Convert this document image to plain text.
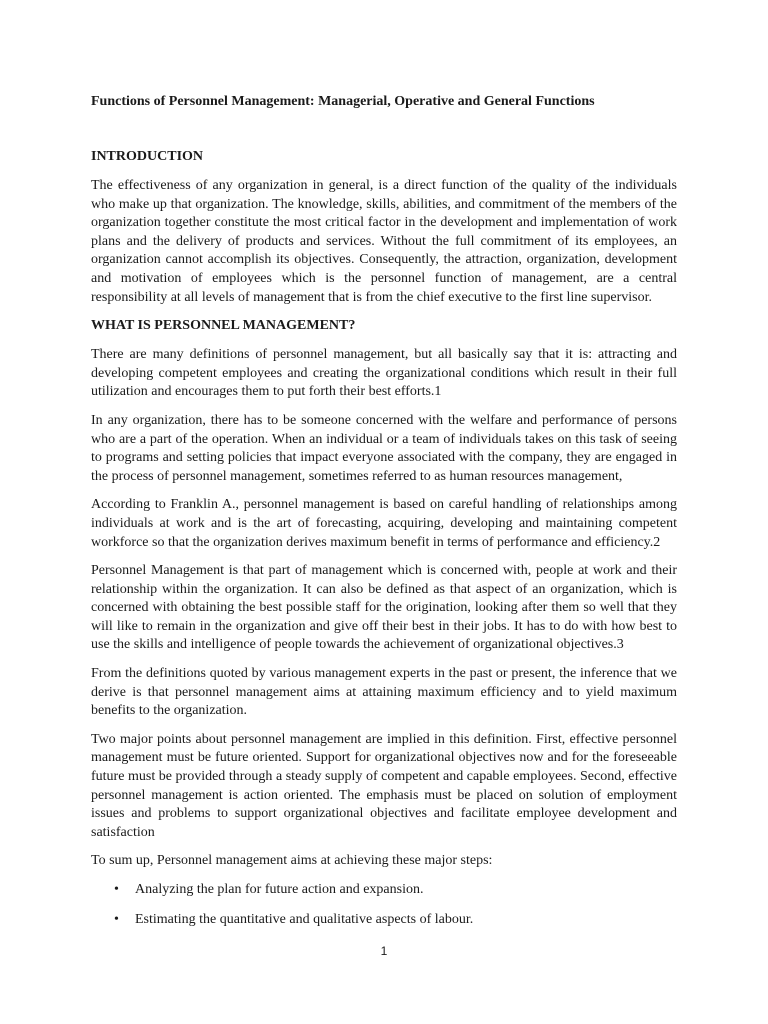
Functions of Personnel Management: Managerial, Operative and General Functions
INTRODUCTION

The effectiveness of any organization in general, is a direct function of the quality of the individuals who make up that organization. The knowledge, skills, abilities, and commitment of the members of the organization together constitute the most critical factor in the development and implementation of work plans and the delivery of products and services. Without the full commitment of its employees, an organization cannot accomplish its objectives. Consequently, the attraction, organization, development and motivation of employees which is the personnel function of management, are a central responsibility at all levels of management that is from the chief executive to the first line supervisor.

WHAT IS PERSONNEL MANAGEMENT?

There are many definitions of personnel management, but all basically say that it is: attracting and developing competent employees and creating the organizational conditions which result in their full utilization and encourages them to put forth their best efforts.1

In any organization, there has to be someone concerned with the welfare and performance of persons who are a part of the operation. When an individual or a team of individuals takes on this task of seeing to programs and setting policies that impact everyone associated with the company, they are engaged in the process of personnel management, sometimes referred to as human resources management,

According to Franklin A., personnel management is based on careful handling of relationships among individuals at work and is the art of forecasting, acquiring, developing and maintaining competent workforce so that the organization derives maximum benefit in terms of performance and efficiency.2

Personnel Management is that part of management which is concerned with, people at work and their relationship within the organization. It can also be defined as that aspect of an organization, which is concerned with obtaining the best possible staff for the origination, looking after them so well that they will like to remain in the organization and give off their best in their jobs. It has to do with how best to use the skills and intelligence of people towards the achievement of organizational objectives.3

From the definitions quoted by various management experts in the past or present, the inference that we derive is that personnel management aims at attaining maximum efficiency and to yield maximum benefits to the organization.

Two major points about personnel management are implied in this definition. First, effective personnel management must be future oriented. Support for organizational objectives now and for the foreseeable future must be provided through a steady supply of competent and capable employees. Second, effective personnel management is action oriented. The emphasis must be placed on solution of employment issues and problems to support organizational objectives and facilitate employee development and satisfaction

To sum up, Personnel management aims at achieving these major steps:

• Analyzing the plan for future action and expansion.
• Estimating the quantitative and qualitative aspects of labour.
1
